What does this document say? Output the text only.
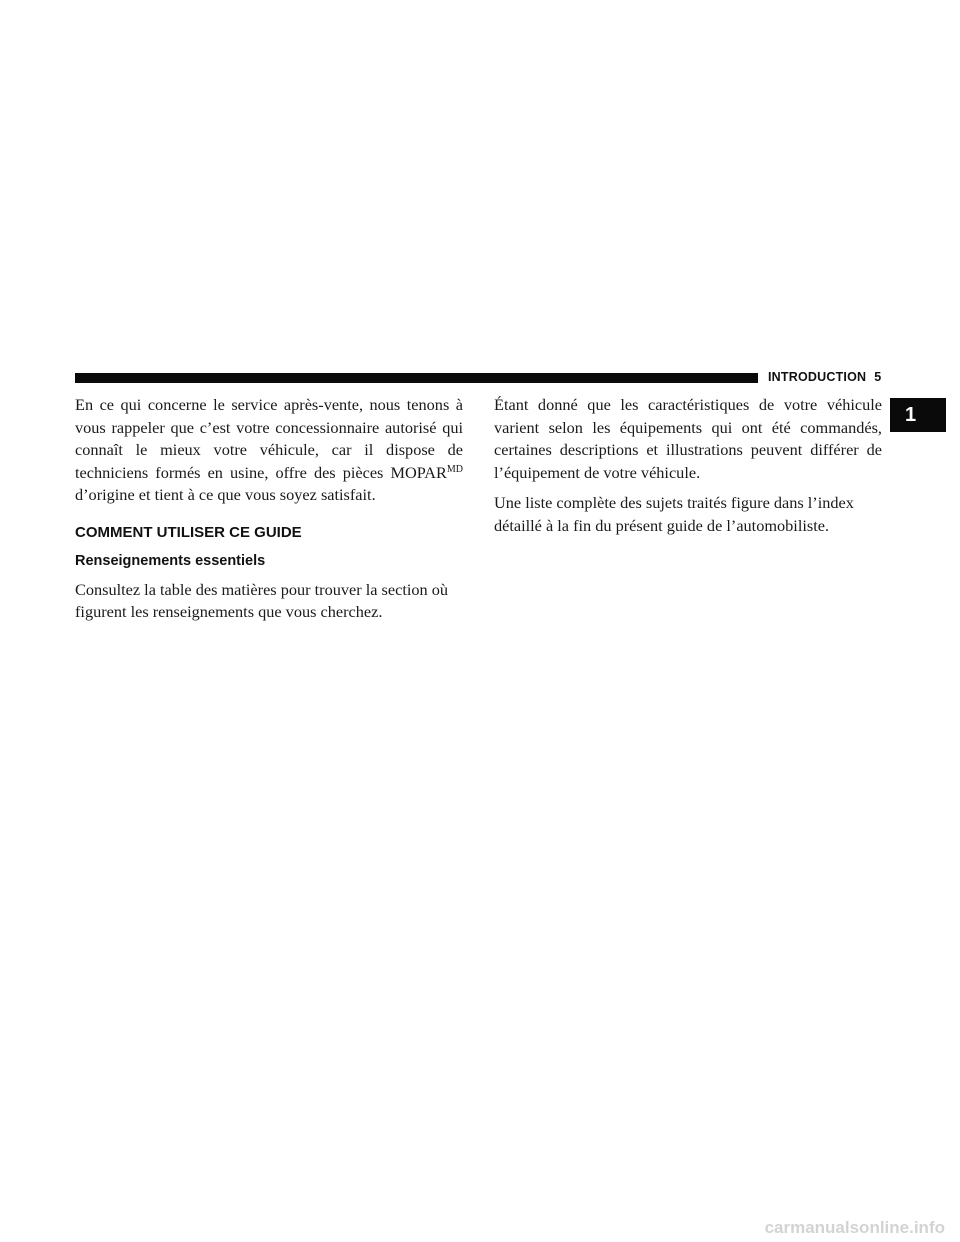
INTRODUCTION 5
1

En ce qui concerne le service après-vente, nous tenons à vous rappeler que c’est votre concessionnaire autorisé qui connaît le mieux votre véhicule, car il dispose de techniciens formés en usine, offre des pièces $MOPAR^{MD}$ d’origine et tient à ce que vous soyez satisfait.

COMMENT UTILISER CE GUIDE
Renseignements essentiels

Consultez la table des matières pour trouver la section où figurent les renseignements que vous cherchez.

Étant donné que les caractéristiques de votre véhicule varient selon les équipements qui ont été commandés, certaines descriptions et illustrations peuvent différer de l’équipement de votre véhicule.

Une liste complète des sujets traités figure dans l’index détaillé à la fin du présent guide de l’automobiliste.

carmanualsonline.info
